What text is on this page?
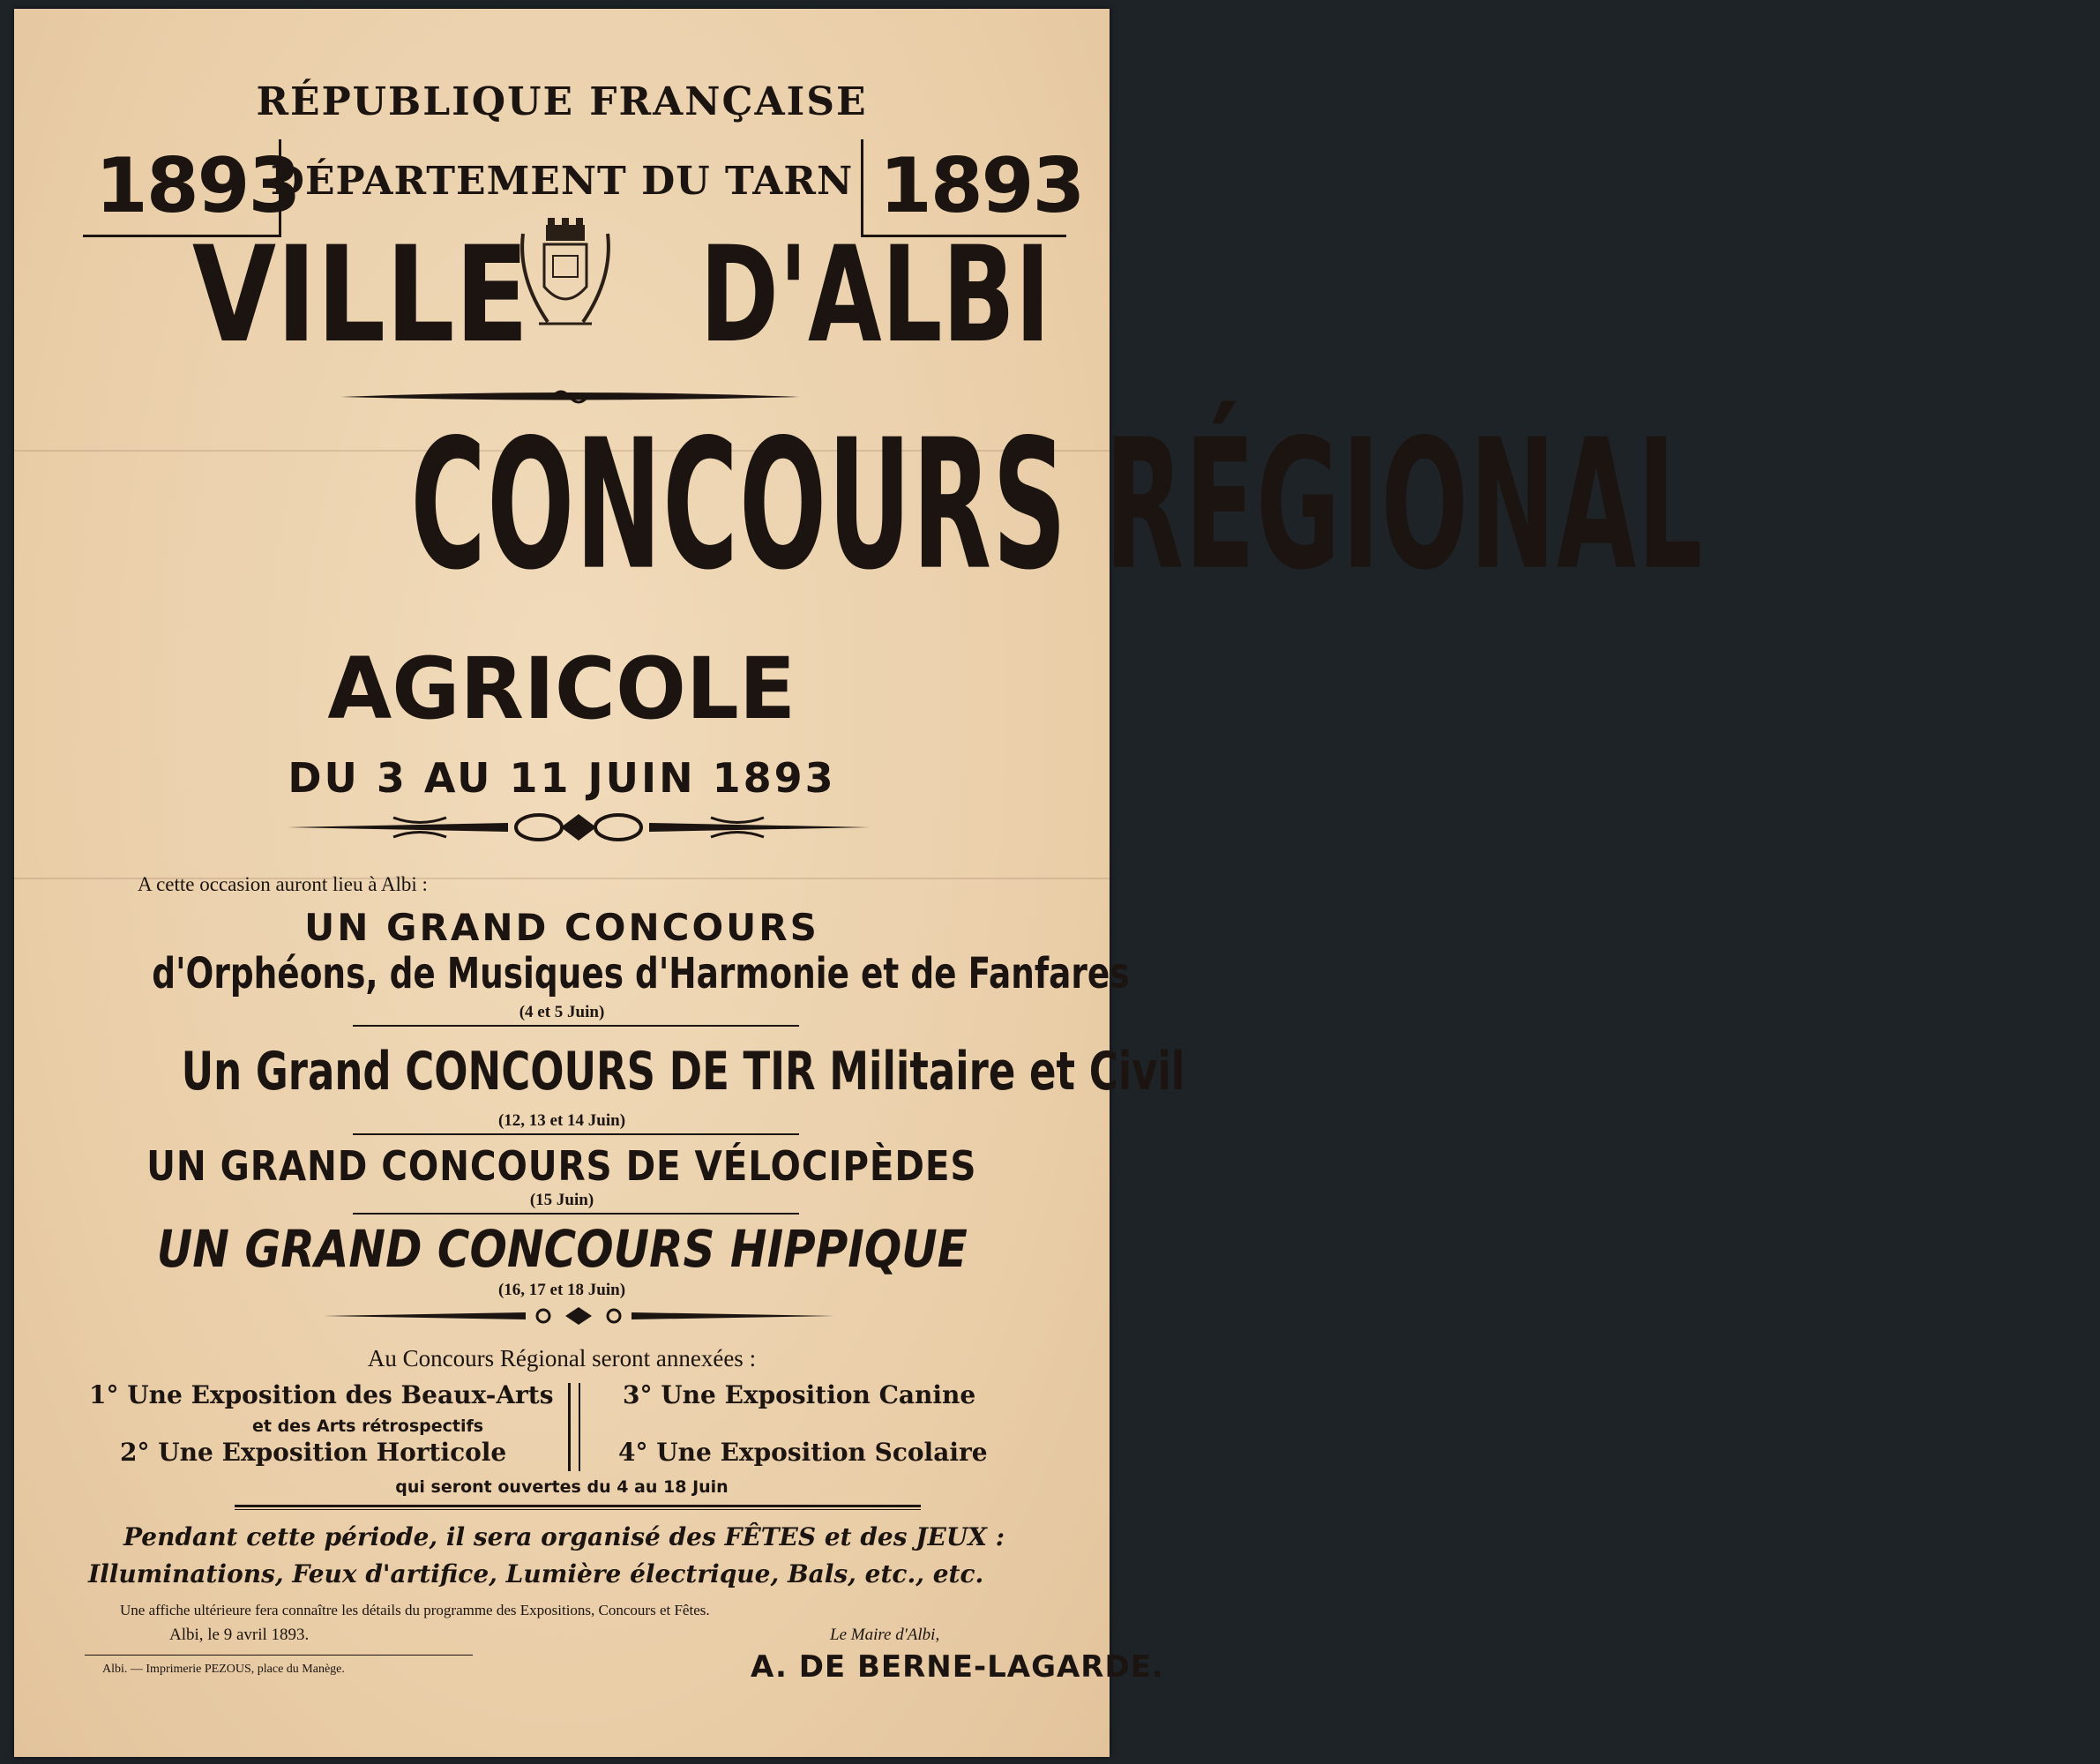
RÉPUBLIQUE FRANÇAISE
1893	1893
DÉPARTEMENT DU TARN
VILLE	D'ALBI
CONCOURS RÉGIONAL
AGRICOLE
DU 3 AU 11 JUIN 1893
A cette occasion auront lieu à Albi :
UN GRAND CONCOURS
d'Orphéons, de Musiques d'Harmonie et de Fanfares
(4 et 5 Juin)
Un Grand CONCOURS DE TIR Militaire et Civil
(12, 13 et 14 Juin)
UN GRAND CONCOURS DE VÉLOCIPÈDES
(15 Juin)
UN GRAND CONCOURS HIPPIQUE
(16, 17 et 18 Juin)
Au Concours Régional seront annexées :
1° Une Exposition des Beaux-Arts
et des Arts rétrospectifs
2° Une Exposition Horticole
3° Une Exposition Canine
4° Une Exposition Scolaire
qui seront ouvertes du 4 au 18 Juin
Pendant cette période, il sera organisé des FÊTES et des JEUX :
Illuminations, Feux d'artifice, Lumière électrique, Bals, etc., etc.
Une affiche ultérieure fera connaître les détails du programme des Expositions, Concours et Fêtes.
Albi, le 9 avril 1893.	Le Maire d'Albi,
A. DE BERNE-LAGARDE.
Albi. — Imprimerie PEZOUS, place du Manège.
